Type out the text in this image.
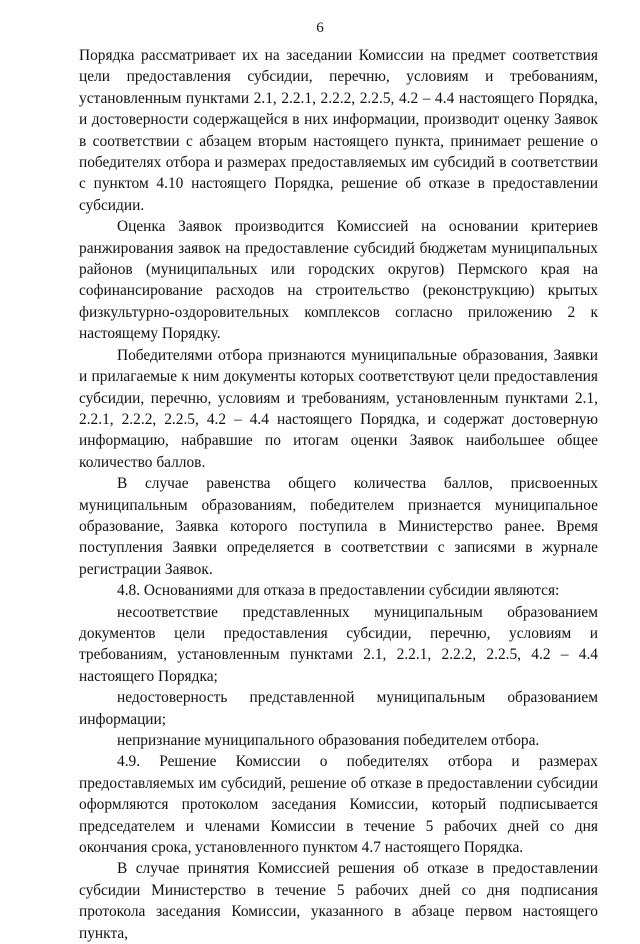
6

Порядка рассматривает их на заседании Комиссии на предмет соответствия цели предоставления субсидии, перечню, условиям и требованиям, установленным пунктами 2.1, 2.2.1, 2.2.2, 2.2.5, 4.2 – 4.4 настоящего Порядка, и достоверности содержащейся в них информации, производит оценку Заявок в соответствии с абзацем вторым настоящего пункта, принимает решение о победителях отбора и размерах предоставляемых им субсидий в соответствии с пунктом 4.10 настоящего Порядка, решение об отказе в предоставлении субсидии.

Оценка Заявок производится Комиссией на основании критериев ранжирования заявок на предоставление субсидий бюджетам муниципальных районов (муниципальных или городских округов) Пермского края на софинансирование расходов на строительство (реконструкцию) крытых физкультурно-оздоровительных комплексов согласно приложению 2 к настоящему Порядку.

Победителями отбора признаются муниципальные образования, Заявки и прилагаемые к ним документы которых соответствуют цели предоставления субсидии, перечню, условиям и требованиям, установленным пунктами 2.1, 2.2.1, 2.2.2, 2.2.5, 4.2 – 4.4 настоящего Порядка, и содержат достоверную информацию, набравшие по итогам оценки Заявок наибольшее общее количество баллов.

В случае равенства общего количества баллов, присвоенных муниципальным образованиям, победителем признается муниципальное образование, Заявка которого поступила в Министерство ранее. Время поступления Заявки определяется в соответствии с записями в журнале регистрации Заявок.

4.8. Основаниями для отказа в предоставлении субсидии являются:

несоответствие представленных муниципальным образованием документов цели предоставления субсидии, перечню, условиям и требованиям, установленным пунктами 2.1, 2.2.1, 2.2.2, 2.2.5, 4.2 – 4.4 настоящего Порядка;

недостоверность представленной муниципальным образованием информации;

непризнание муниципального образования победителем отбора.

4.9. Решение Комиссии о победителях отбора и размерах предоставляемых им субсидий, решение об отказе в предоставлении субсидии оформляются протоколом заседания Комиссии, который подписывается председателем и членами Комиссии в течение 5 рабочих дней со дня окончания срока, установленного пунктом 4.7 настоящего Порядка.

В случае принятия Комиссией решения об отказе в предоставлении субсидии Министерство в течение 5 рабочих дней со дня подписания протокола заседания Комиссии, указанного в абзаце первом настоящего пункта,
